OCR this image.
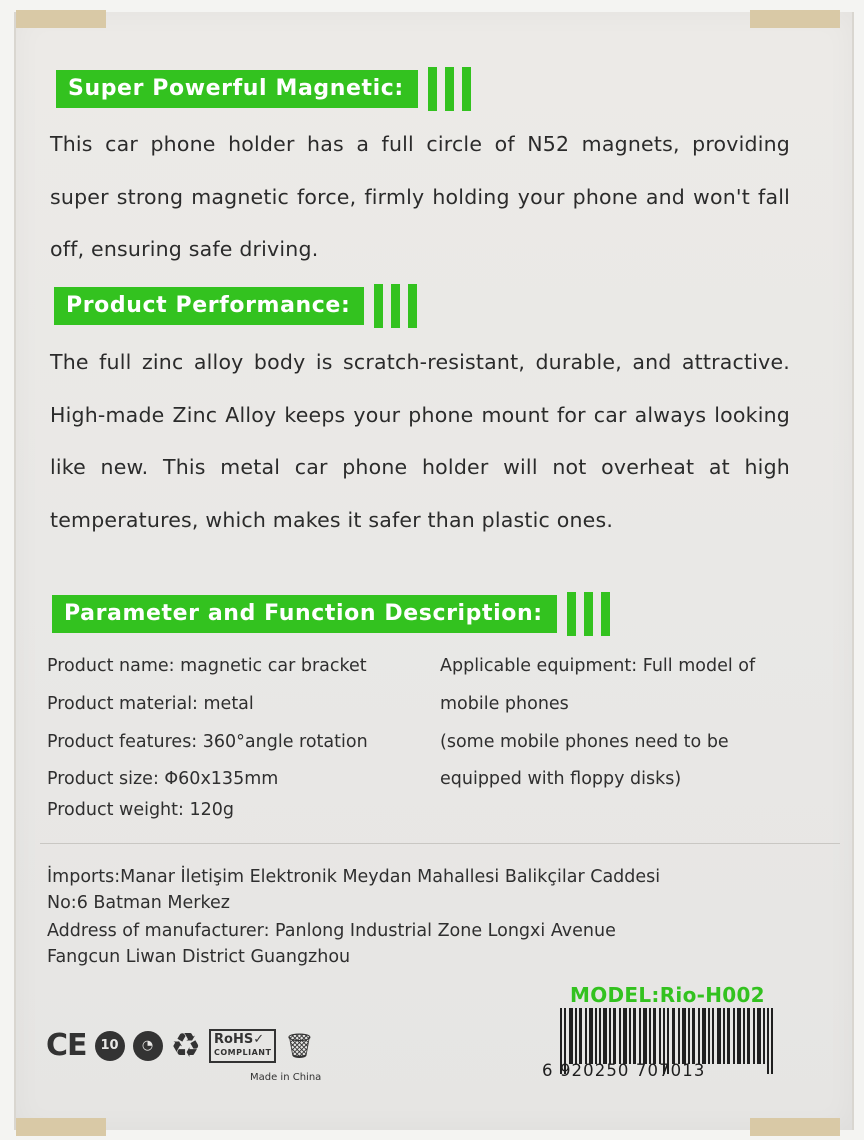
Super Powerful Magnetic:
This car phone holder has a full circle of N52 magnets, providing super strong magnetic force, firmly holding your phone and won't fall off, ensuring safe driving.
Product Performance:
The full zinc alloy body is scratch-resistant, durable, and attractive. High-made Zinc Alloy keeps your phone mount for car always looking like new. This metal car phone holder will not overheat at high temperatures, which makes it safer than plastic ones.
Parameter and Function Description:
Product name: magnetic car bracket
Product material: metal
Product features: 360°angle rotation
Product size: Φ60x135mm
Product weight: 120g
Applicable equipment: Full model of
mobile phones
(some mobile phones need to be
equipped with floppy disks)
İmports:Manar İletişim Elektronik Meydan Mahallesi Balikçilar Caddesi
No:6 Batman Merkez
Address of manufacturer: Panlong Industrial Zone Longxi Avenue
Fangcun Liwan District Guangzhou
MODEL:Rio-H002
6 920250 707013
CE	10	◔ ♻ RoHS✓
COMPLIANT 🗑
Made in China
